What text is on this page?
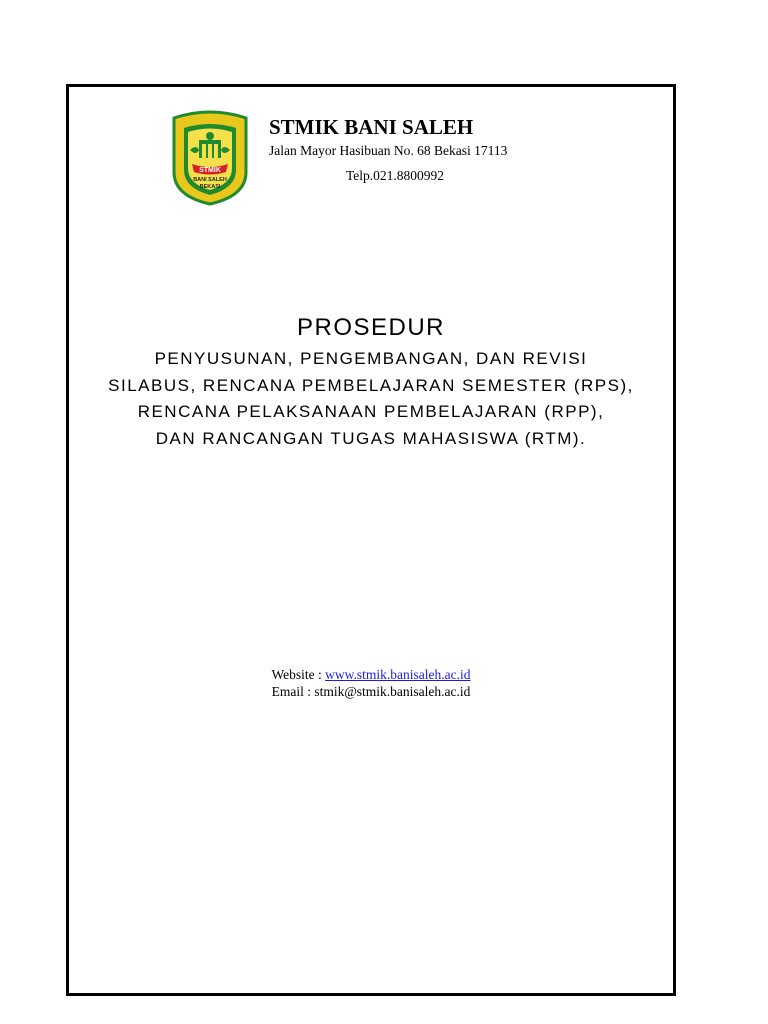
STMIK
BANI SALEH
BEKASI
STMIK BANI SALEH
Jalan Mayor Hasibuan No. 68 Bekasi 17113
Telp.021.8800992
PROSEDUR
PENYUSUNAN, PENGEMBANGAN, DAN REVISI
SILABUS, RENCANA PEMBELAJARAN SEMESTER (RPS),
RENCANA PELAKSANAAN PEMBELAJARAN (RPP),
DAN RANCANGAN TUGAS MAHASISWA (RTM).
Website : www.stmik.banisaleh.ac.id
Email : stmik@stmik.banisaleh.ac.id
